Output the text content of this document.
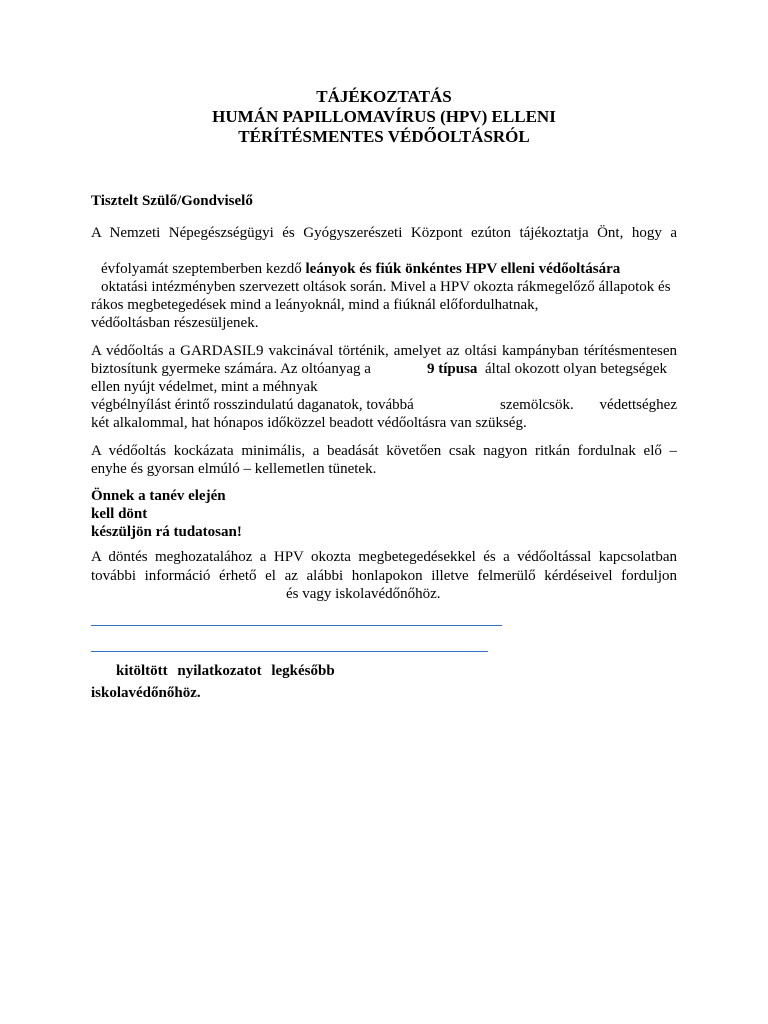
TÁJÉKOZTATÁS
HUMÁN PAPILLOMAVÍRUS (HPV) ELLENI
TÉRÍTÉSMENTES VÉDŐOLTÁSRÓL
Tisztelt Szülő/Gondviselő
A Nemzeti Népegészségügyi és Gyógyszerészeti Központ ezúton tájékoztatja Önt, hogy a
évfolyamát szeptemberben kezdő leányok és fiúk önkéntes HPV elleni védőoltására
oktatási intézményben szervezett oltások során. Mivel a HPV okozta rákmegelőző állapotok és
rákos megbetegedések mind a leányoknál, mind a fiúknál előfordulhatnak,
védőoltásban részesüljenek.
A védőoltás a GARDASIL9 vakcinával történik, amelyet az oltási kampányban térítésmentesen
biztosítunk gyermeke számára. Az oltóanyag a	9 típusa által okozott olyan betegségek
ellen nyújt védelmet, mint a méhnyak
végbélnyílást érintő rosszindulatú daganatok, továbbá	szemölcsök. védettséghez
két alkalommal, hat hónapos időközzel beadott védőoltásra van szükség.
A védőoltás kockázata minimális, a beadását követően csak nagyon ritkán fordulnak elő –
enyhe és gyorsan elmúló – kellemetlen tünetek.
Önnek a tanév elején
kell dönt
készüljön rá tudatosan!
A döntés meghozatalához a HPV okozta megbetegedésekkel és a védőoltással kapcsolatban
további információ érhető el az alábbi honlapokon illetve felmerülő kérdéseivel forduljon
és vagy iskolavédőnőhöz.
kitöltött nyilatkozatot legkésőbb
iskolavédőnőhöz.
